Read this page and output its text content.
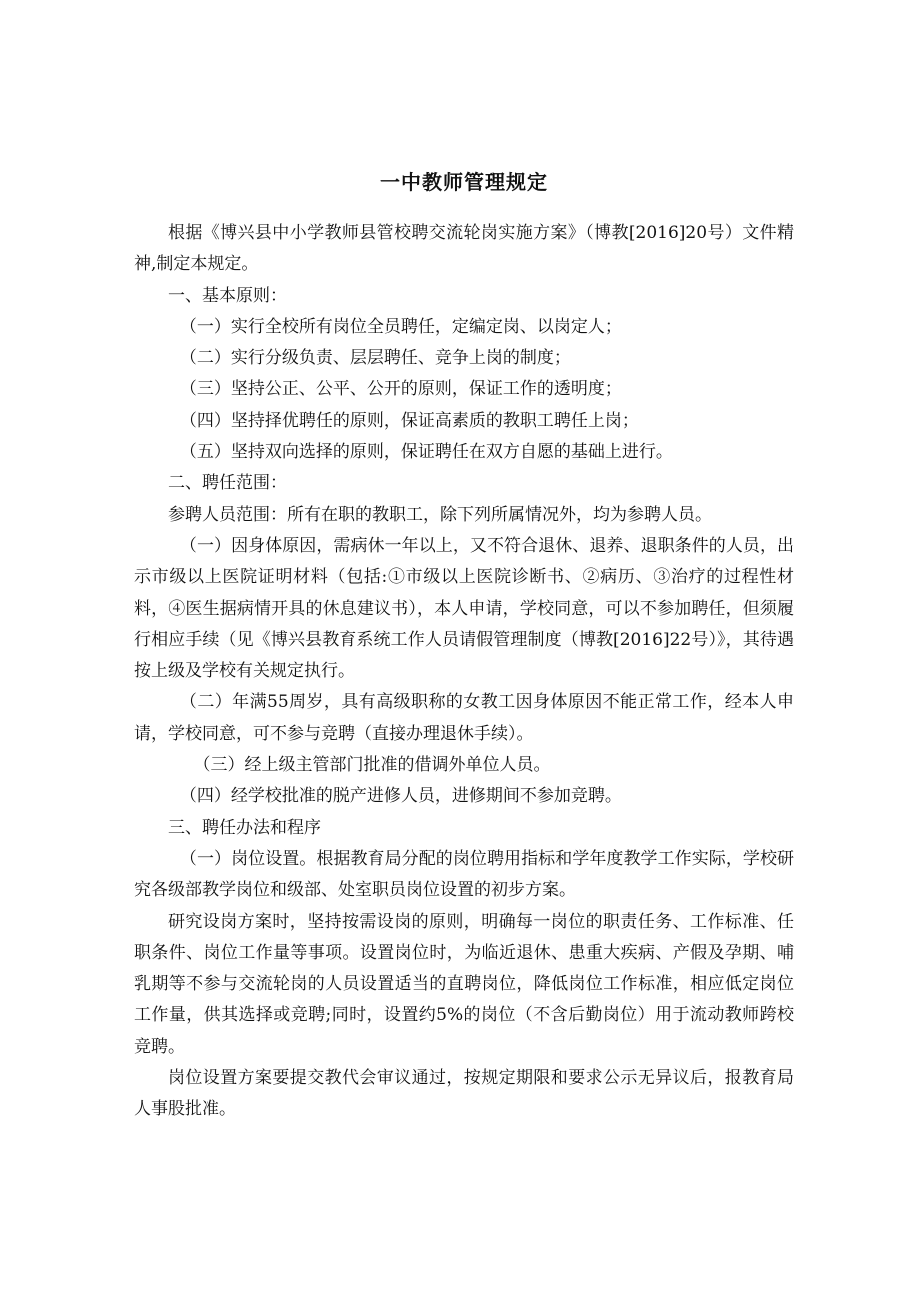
一中教师管理规定

根据《博兴县中小学教师县管校聘交流轮岗实施方案》（博教[2016]20号）文件精神,制定本规定。

一、基本原则：

（一）实行全校所有岗位全员聘任，定编定岗、以岗定人；

（二）实行分级负责、层层聘任、竞争上岗的制度；

（三）坚持公正、公平、公开的原则，保证工作的透明度；

（四）坚持择优聘任的原则，保证高素质的教职工聘任上岗；

（五）坚持双向选择的原则，保证聘任在双方自愿的基础上进行。

二、聘任范围：

参聘人员范围：所有在职的教职工，除下列所属情况外，均为参聘人员。

（一）因身体原因，需病休一年以上，又不符合退休、退养、退职条件的人员，出示市级以上医院证明材料（包括:①市级以上医院诊断书、②病历、③治疗的过程性材料，④医生据病情开具的休息建议书），本人申请，学校同意，可以不参加聘任，但须履行相应手续（见《博兴县教育系统工作人员请假管理制度（博教[2016]22号）》，其待遇按上级及学校有关规定执行。

（二）年满55周岁，具有高级职称的女教工因身体原因不能正常工作，经本人申请，学校同意，可不参与竞聘（直接办理退休手续）。

（三）经上级主管部门批准的借调外单位人员。

（四）经学校批准的脱产进修人员，进修期间不参加竞聘。

三、聘任办法和程序

（一）岗位设置。根据教育局分配的岗位聘用指标和学年度教学工作实际，学校研究各级部教学岗位和级部、处室职员岗位设置的初步方案。

研究设岗方案时，坚持按需设岗的原则，明确每一岗位的职责任务、工作标准、任职条件、岗位工作量等事项。设置岗位时，为临近退休、患重大疾病、产假及孕期、哺乳期等不参与交流轮岗的人员设置适当的直聘岗位，降低岗位工作标准，相应低定岗位工作量，供其选择或竞聘;同时，设置约5%的岗位（不含后勤岗位）用于流动教师跨校竞聘。

岗位设置方案要提交教代会审议通过，按规定期限和要求公示无异议后，报教育局人事股批准。
